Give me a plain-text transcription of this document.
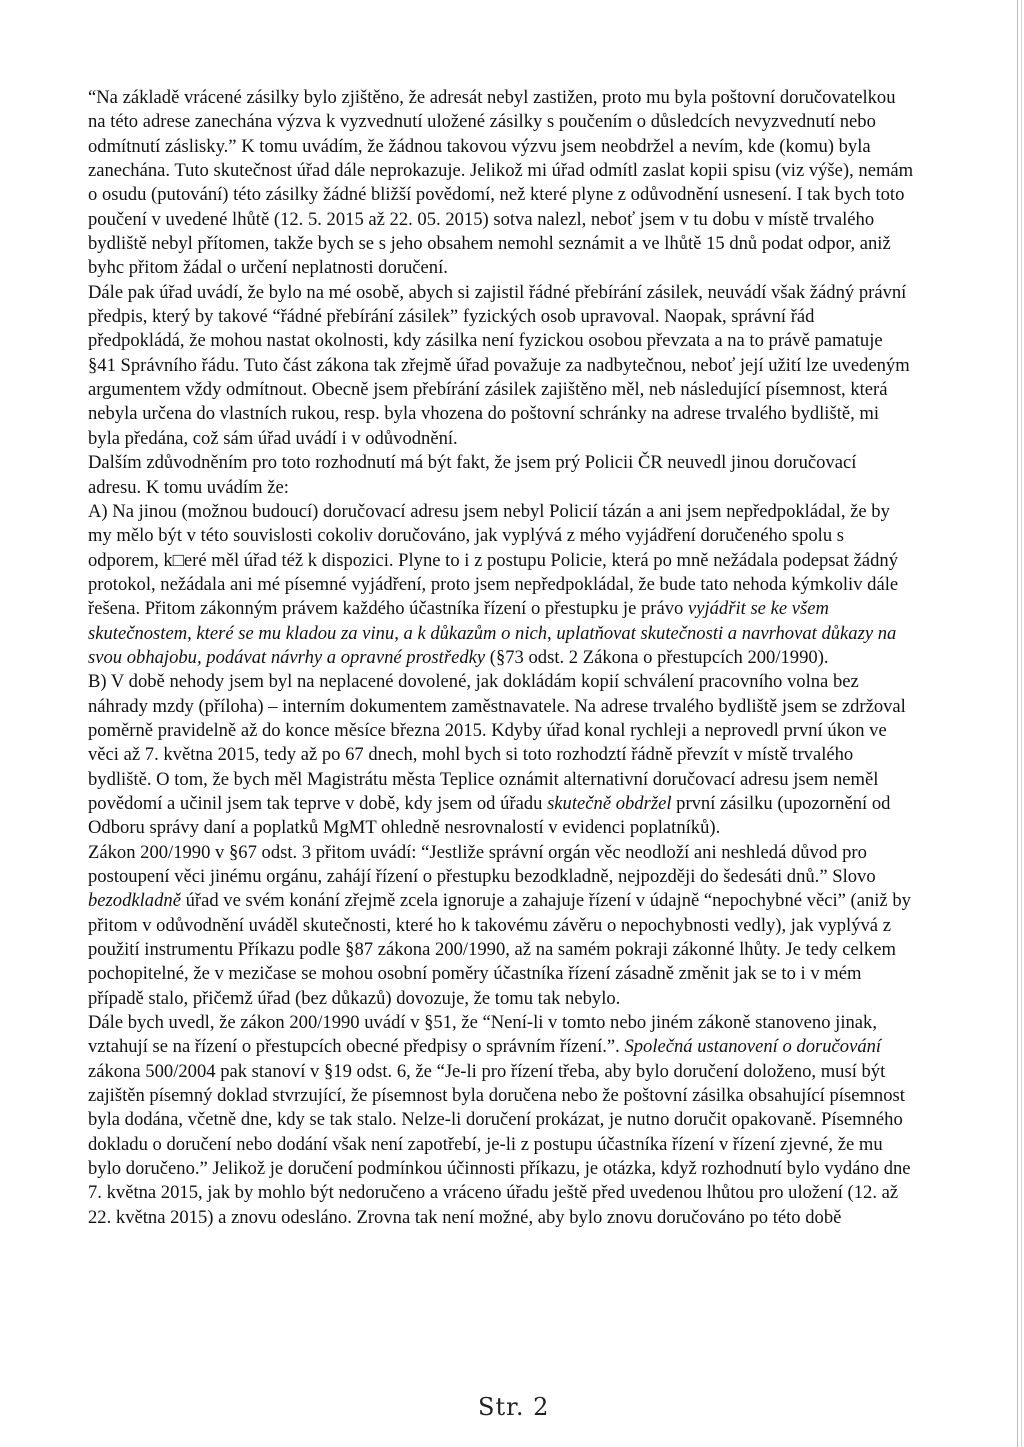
“Na základě vrácené zásilky bylo zjištěno, že adresát nebyl zastižen, proto mu byla poštovní doručovatelkou na této adrese zanechána výzva k vyzvednutí uložené zásilky s poučením o důsledcích nevyzvednutí nebo odmítnutí záslisky.” K tomu uvádím, že žádnou takovou výzvu jsem neobdržel a nevím, kde (komu) byla zanechána. Tuto skutečnost úřad dále neprokazuje. Jelikož mi úřad odmítl zaslat kopii spisu (viz výše), nemám o osudu (putování) této zásilky žádné bližší povědomí, než které plyne z odůvodnění usnesení. I tak bych toto poučení v uvedené lhůtě (12. 5. 2015 až 22. 05. 2015) sotva nalezl, neboť jsem v tu dobu v místě trvalého bydliště nebyl přítomen, takže bych se s jeho obsahem nemohl seznámit a ve lhůtě 15 dnů podat odpor, aniž byhc přitom žádal o určení neplatnosti doručení.

Dále pak úřad uvádí, že bylo na mé osobě, abych si zajistil řádné přebírání zásilek, neuvádí však žádný právní předpis, který by takové “řádné přebírání zásilek” fyzických osob upravoval. Naopak, správní řád předpokládá, že mohou nastat okolnosti, kdy zásilka není fyzickou osobou převzata a na to právě pamatuje §41 Správního řádu. Tuto část zákona tak zřejmě úřad považuje za nadbytečnou, neboť její užití lze uvedeným argumentem vždy odmítnout. Obecně jsem přebírání zásilek zajištěno měl, neb následující písemnost, která nebyla určena do vlastních rukou, resp. byla vhozena do poštovní schránky na adrese trvalého bydliště, mi byla předána, což sám úřad uvádí i v odůvodnění.

Dalším zdůvodněním pro toto rozhodnutí má být fakt, že jsem prý Policii ČR neuvedl jinou doručovací adresu. K tomu uvádím že:

A) Na jinou (možnou budoucí) doručovací adresu jsem nebyl Policií tázán a ani jsem nepředpokládal, že by my mělo být v této souvislosti cokoliv doručováno, jak vyplývá z mého vyjádření doručeného spolu s odporem, k□eré měl úřad též k dispozici. Plyne to i z postupu Policie, která po mně nežádala podepsat žádný protokol, nežádala ani mé písemné vyjádření, proto jsem nepředpokládal, že bude tato nehoda kýmkoliv dále řešena. Přitom zákonným právem každého účastníka řízení o přestupku je právo vyjádřit se ke všem skutečnostem, které se mu kladou za vinu, a k důkazům o nich, uplatňovat skutečnosti a navrhovat důkazy na svou obhajobu, podávat návrhy a opravné prostředky (§73 odst. 2 Zákona o přestupcích 200/1990).

B) V době nehody jsem byl na neplacené dovolené, jak dokládám kopií schválení pracovního volna bez náhrady mzdy (příloha) – interním dokumentem zaměstnavatele. Na adrese trvalého bydliště jsem se zdržoval poměrně pravidelně až do konce měsíce března 2015. Kdyby úřad konal rychleji a neprovedl první úkon ve věci až 7. května 2015, tedy až po 67 dnech, mohl bych si toto rozhodztí řádně převzít v místě trvalého bydliště. O tom, že bych měl Magistrátu města Teplice oznámit alternativní doručovací adresu jsem neměl povědomí a učinil jsem tak teprve v době, kdy jsem od úřadu skutečně obdržel první zásilku (upozornění od Odboru správy daní a poplatků MgMT ohledně nesrovnalostí v evidenci poplatníků).

Zákon 200/1990 v §67 odst. 3 přitom uvádí: “Jestliže správní orgán věc neodloží ani neshledá důvod pro postoupení věci jinému orgánu, zahájí řízení o přestupku bezodkladně, nejpozději do šedesáti dnů.” Slovo bezodkladně úřad ve svém konání zřejmě zcela ignoruje a zahajuje řízení v údajně “nepochybné věci” (aniž by přitom v odůvodnění uváděl skutečnosti, které ho k takovému závěru o nepochybnosti vedly), jak vyplývá z použití instrumentu Příkazu podle §87 zákona 200/1990, až na samém pokraji zákonné lhůty. Je tedy celkem pochopitelné, že v mezičase se mohou osobní poměry účastníka řízení zásadně změnit jak se to i v mém případě stalo, přičemž úřad (bez důkazů) dovozuje, že tomu tak nebylo.

Dále bych uvedl, že zákon 200/1990 uvádí v §51, že “Není-li v tomto nebo jiném zákoně stanoveno jinak, vztahují se na řízení o přestupcích obecné předpisy o správním řízení.”. Společná ustanovení o doručování zákona 500/2004 pak stanoví v §19 odst. 6, že “Je-li pro řízení třeba, aby bylo doručení doloženo, musí být zajištěn písemný doklad stvrzující, že písemnost byla doručena nebo že poštovní zásilka obsahující písemnost byla dodána, včetně dne, kdy se tak stalo. Nelze-li doručení prokázat, je nutno doručit opakovaně. Písemného dokladu o doručení nebo dodání však není zapotřebí, je-li z postupu účastníka řízení v řízení zjevné, že mu bylo doručeno.” Jelikož je doručení podmínkou účinnosti příkazu, je otázka, když rozhodnutí bylo vydáno dne 7. května 2015, jak by mohlo být nedoručeno a vráceno úřadu ještě před uvedenou lhůtou pro uložení (12. až 22. května 2015) a znovu odesláno. Zrovna tak není možné, aby bylo znovu doručováno po této době

Str. 2
